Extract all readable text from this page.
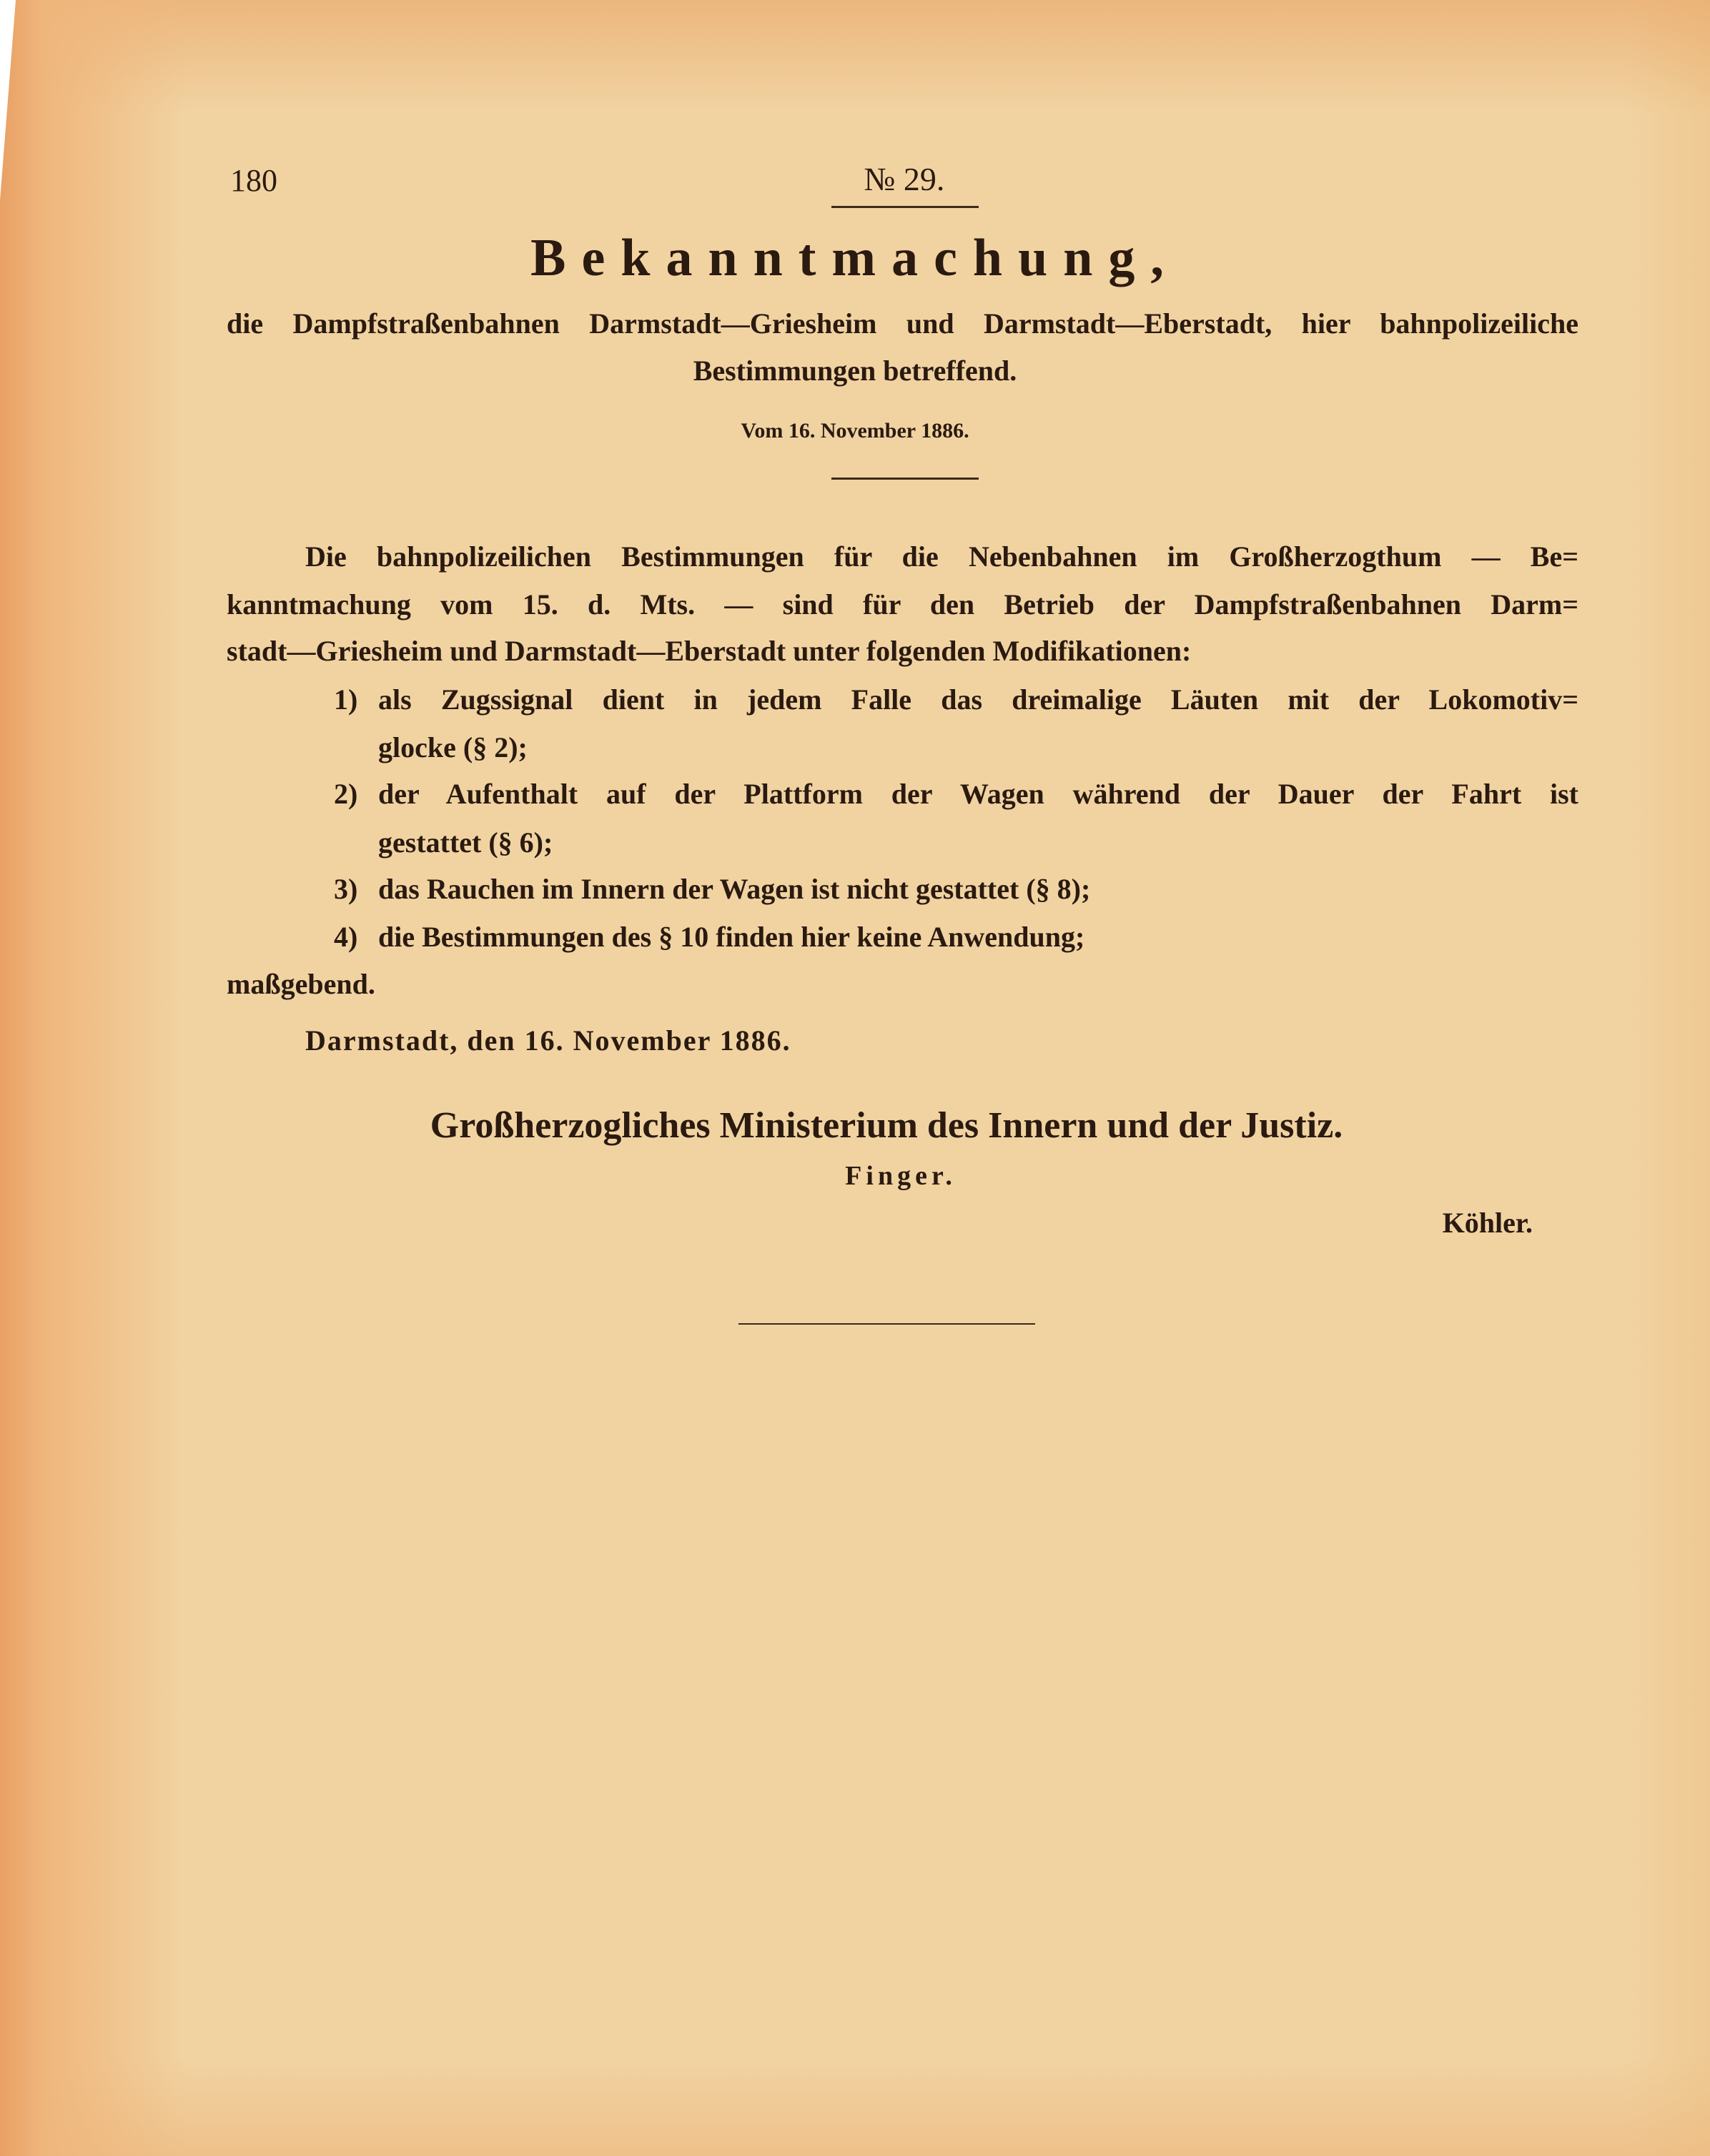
180	№ 29.
Bekanntmachung,
die Dampfstraßenbahnen Darmstadt—Griesheim und Darmstadt—Eberstadt, hier bahnpolizeiliche
Bestimmungen betreffend.
Vom 16. November 1886.
Die bahnpolizeilichen Bestimmungen für die Nebenbahnen im Großherzogthum — Be=
kanntmachung vom 15. d. Mts. — sind für den Betrieb der Dampfstraßenbahnen Darm=
stadt—Griesheim und Darmstadt—Eberstadt unter folgenden Modifikationen:
1) als Zugssignal dient in jedem Falle das dreimalige Läuten mit der Lokomotiv=
glocke (§ 2);
2) der Aufenthalt auf der Plattform der Wagen während der Dauer der Fahrt ist
gestattet (§ 6);
3) das Rauchen im Innern der Wagen ist nicht gestattet (§ 8);
4) die Bestimmungen des § 10 finden hier keine Anwendung;
maßgebend.
Darmstadt, den 16. November 1886.
Großherzogliches Ministerium des Innern und der Justiz.
Finger.
Köhler.
